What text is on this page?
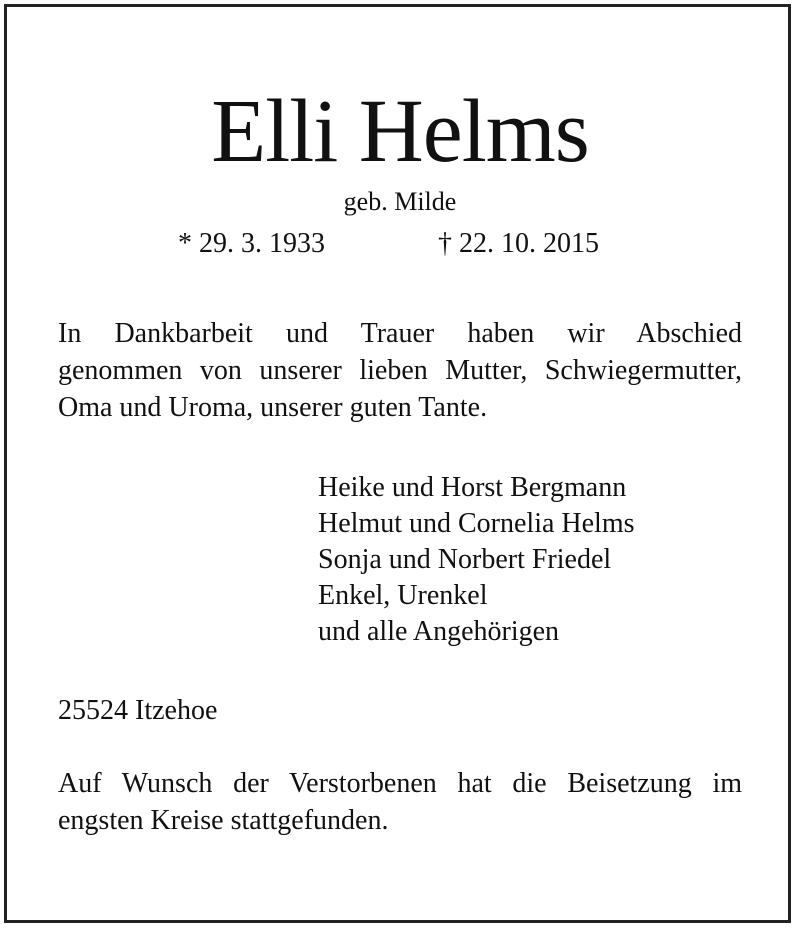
Elli Helms
geb. Milde
* 29. 3. 1933	† 22. 10. 2015
In Dankbarbeit und Trauer haben wir Abschied
genommen von unserer lieben Mutter, Schwiegermutter,
Oma und Uroma, unserer guten Tante.
Heike und Horst Bergmann
Helmut und Cornelia Helms
Sonja und Norbert Friedel
Enkel, Urenkel
und alle Angehörigen
25524 Itzehoe
Auf Wunsch der Verstorbenen hat die Beisetzung im
engsten Kreise stattgefunden.
